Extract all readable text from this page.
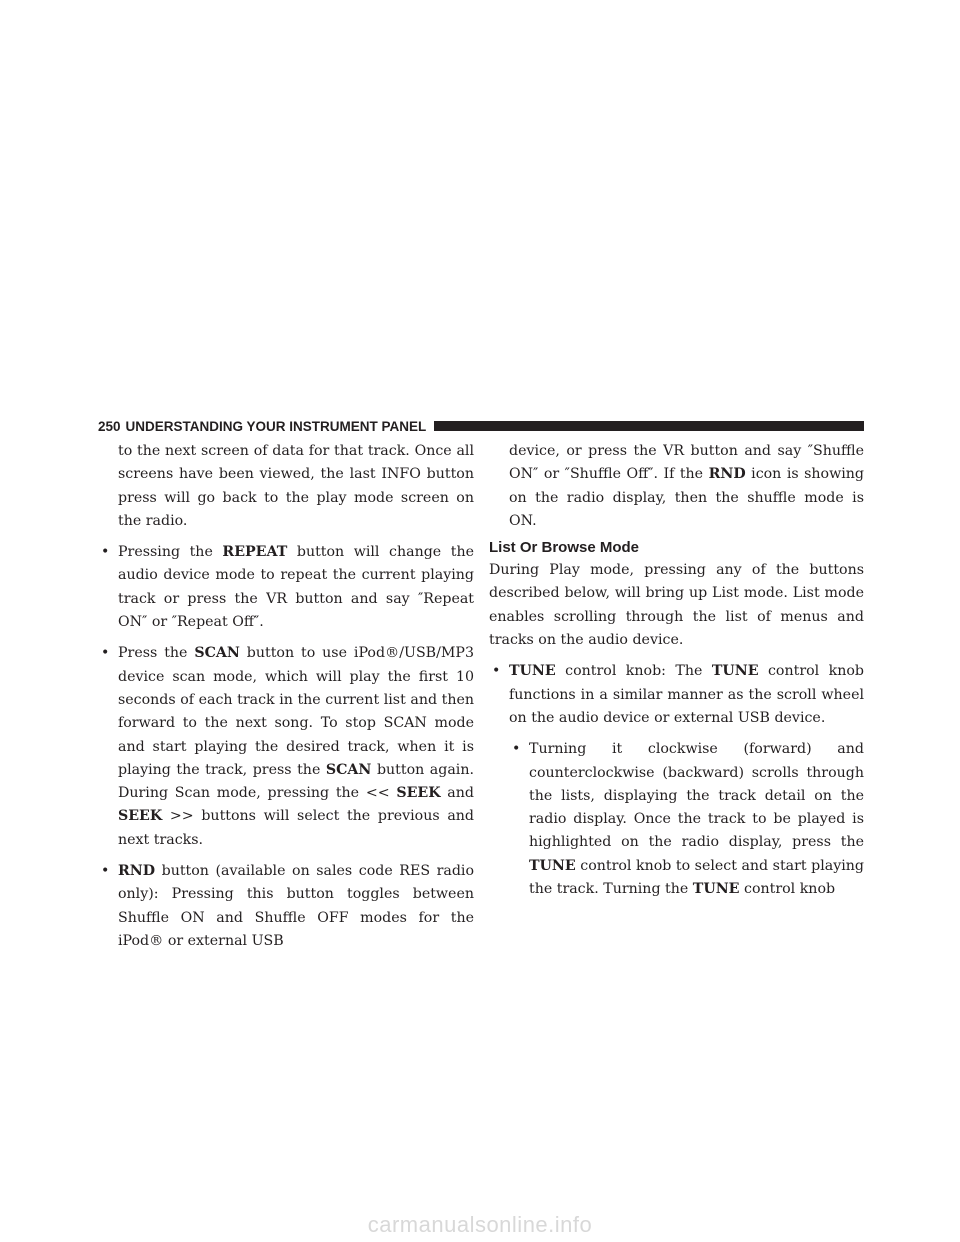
250 UNDERSTANDING YOUR INSTRUMENT PANEL

to the next screen of data for that track. Once all screens have been viewed, the last INFO button press will go back to the play mode screen on the radio.

• Pressing the REPEAT button will change the audio device mode to repeat the current playing track or press the VR button and say ″Repeat ON″ or ″Repeat Off″.
• Press the SCAN button to use iPod®/USB/MP3 device scan mode, which will play the first 10 seconds of each track in the current list and then forward to the next song. To stop SCAN mode and start playing the desired track, when it is playing the track, press the SCAN button again. During Scan mode, pressing the << SEEK and SEEK >> buttons will select the previous and next tracks.
• RND button (available on sales code RES radio only): Pressing this button toggles between Shuffle ON and Shuffle OFF modes for the iPod® or external USB

device, or press the VR button and say ″Shuffle ON″ or ″Shuffle Off″. If the RND icon is showing on the radio display, then the shuffle mode is ON.

List Or Browse Mode

During Play mode, pressing any of the buttons described below, will bring up List mode. List mode enables scrolling through the list of menus and tracks on the audio device.

• TUNE control knob: The TUNE control knob functions in a similar manner as the scroll wheel on the audio device or external USB device.
• Turning it clockwise (forward) and counterclockwise (backward) scrolls through the lists, displaying the track detail on the radio display. Once the track to be played is highlighted on the radio display, press the TUNE control knob to select and start playing the track. Turning the TUNE control knob
carmanualsonline.info
